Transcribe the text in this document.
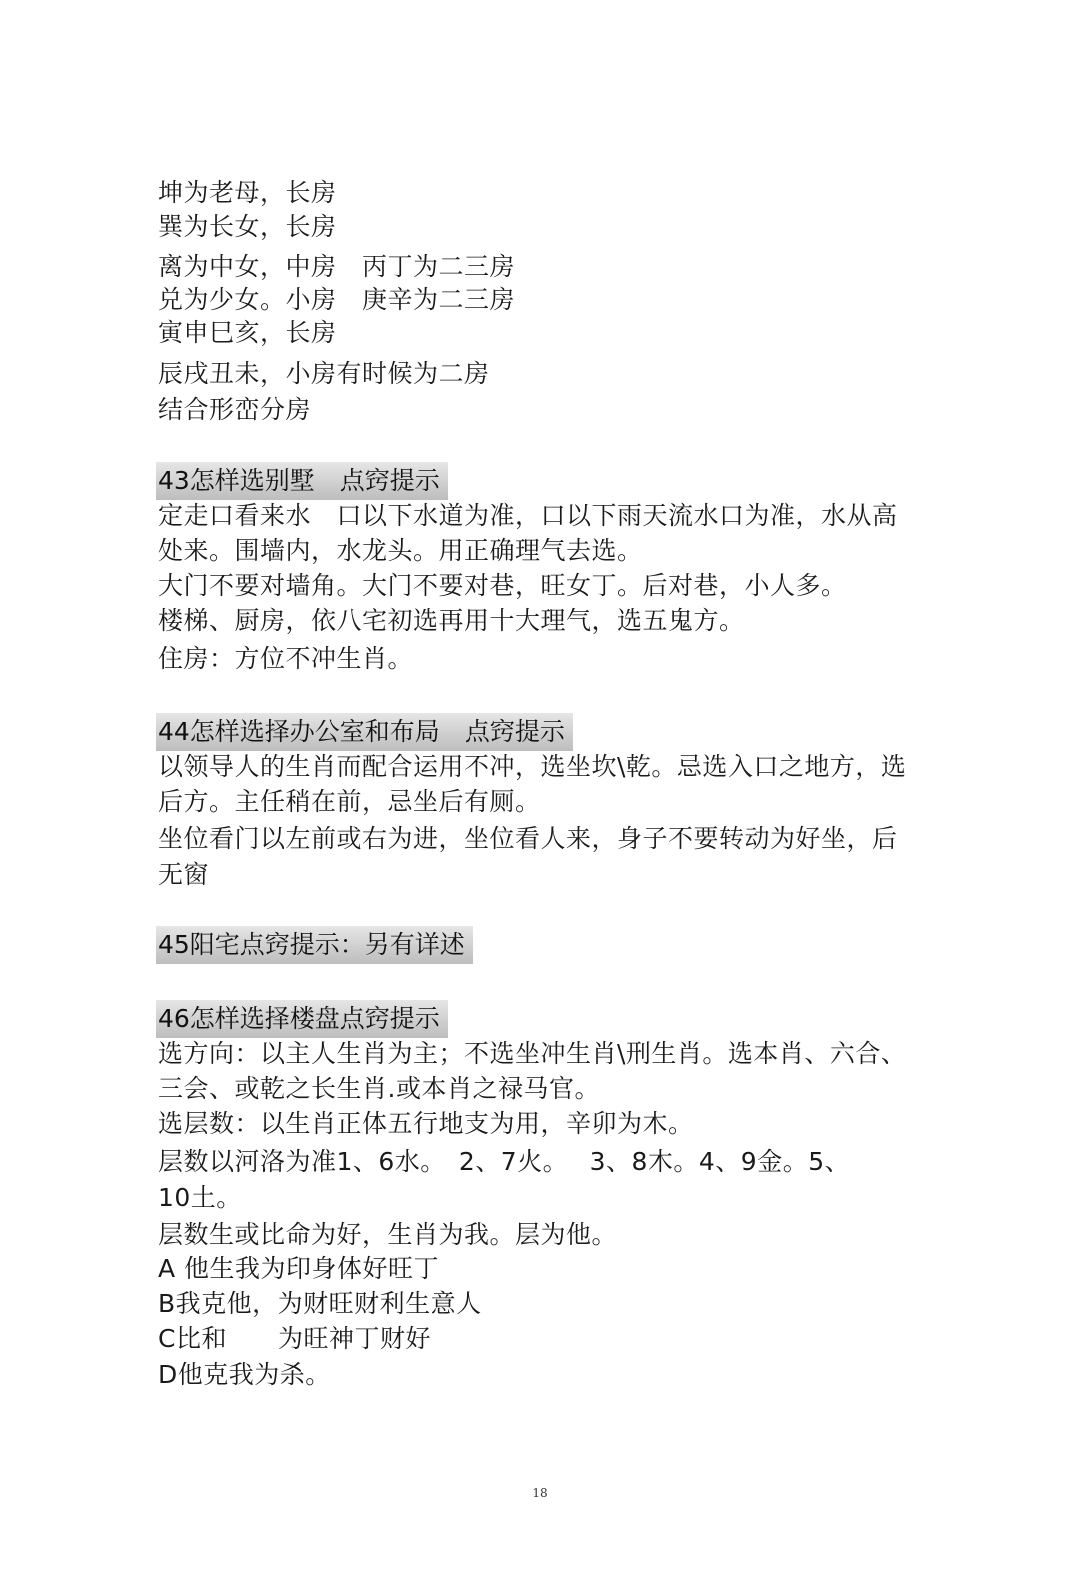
坤为老母，长房
巽为长女，长房
离为中女，中房　丙丁为二三房
兑为少女。小房　庚辛为二三房
寅申巳亥，长房
辰戌丑未，小房有时候为二房
结合形峦分房
43怎样选别墅　点窍提示
定走口看来水　口以下水道为准，口以下雨天流水口为准，水从高
处来。围墙内，水龙头。用正确理气去选。
大门不要对墙角。大门不要对巷，旺女丁。后对巷，小人多。
楼梯、厨房，依八宅初选再用十大理气，选五鬼方。
住房：方位不冲生肖。
44怎样选择办公室和布局　点窍提示
以领导人的生肖而配合运用不冲，选坐坎\乾。忌选入口之地方，选
后方。主任稍在前，忌坐后有厕。
坐位看门以左前或右为进，坐位看人来，身子不要转动为好坐，后
无窗
45阳宅点窍提示：另有详述
46怎样选择楼盘点窍提示
选方向：以主人生肖为主；不选坐冲生肖\刑生肖。选本肖、六合、
三会、或乾之长生肖.或本肖之禄马官。
选层数：以生肖正体五行地支为用，辛卯为木。
层数以河洛为准1、6水。　2、7火。　 3、8木。4、9金。5、
10土。
层数生或比命为好，生肖为我。层为他。
A 他生我为印身体好旺丁
B我克他，为财旺财利生意人
C比和　　为旺神丁财好
D他克我为杀。
18
